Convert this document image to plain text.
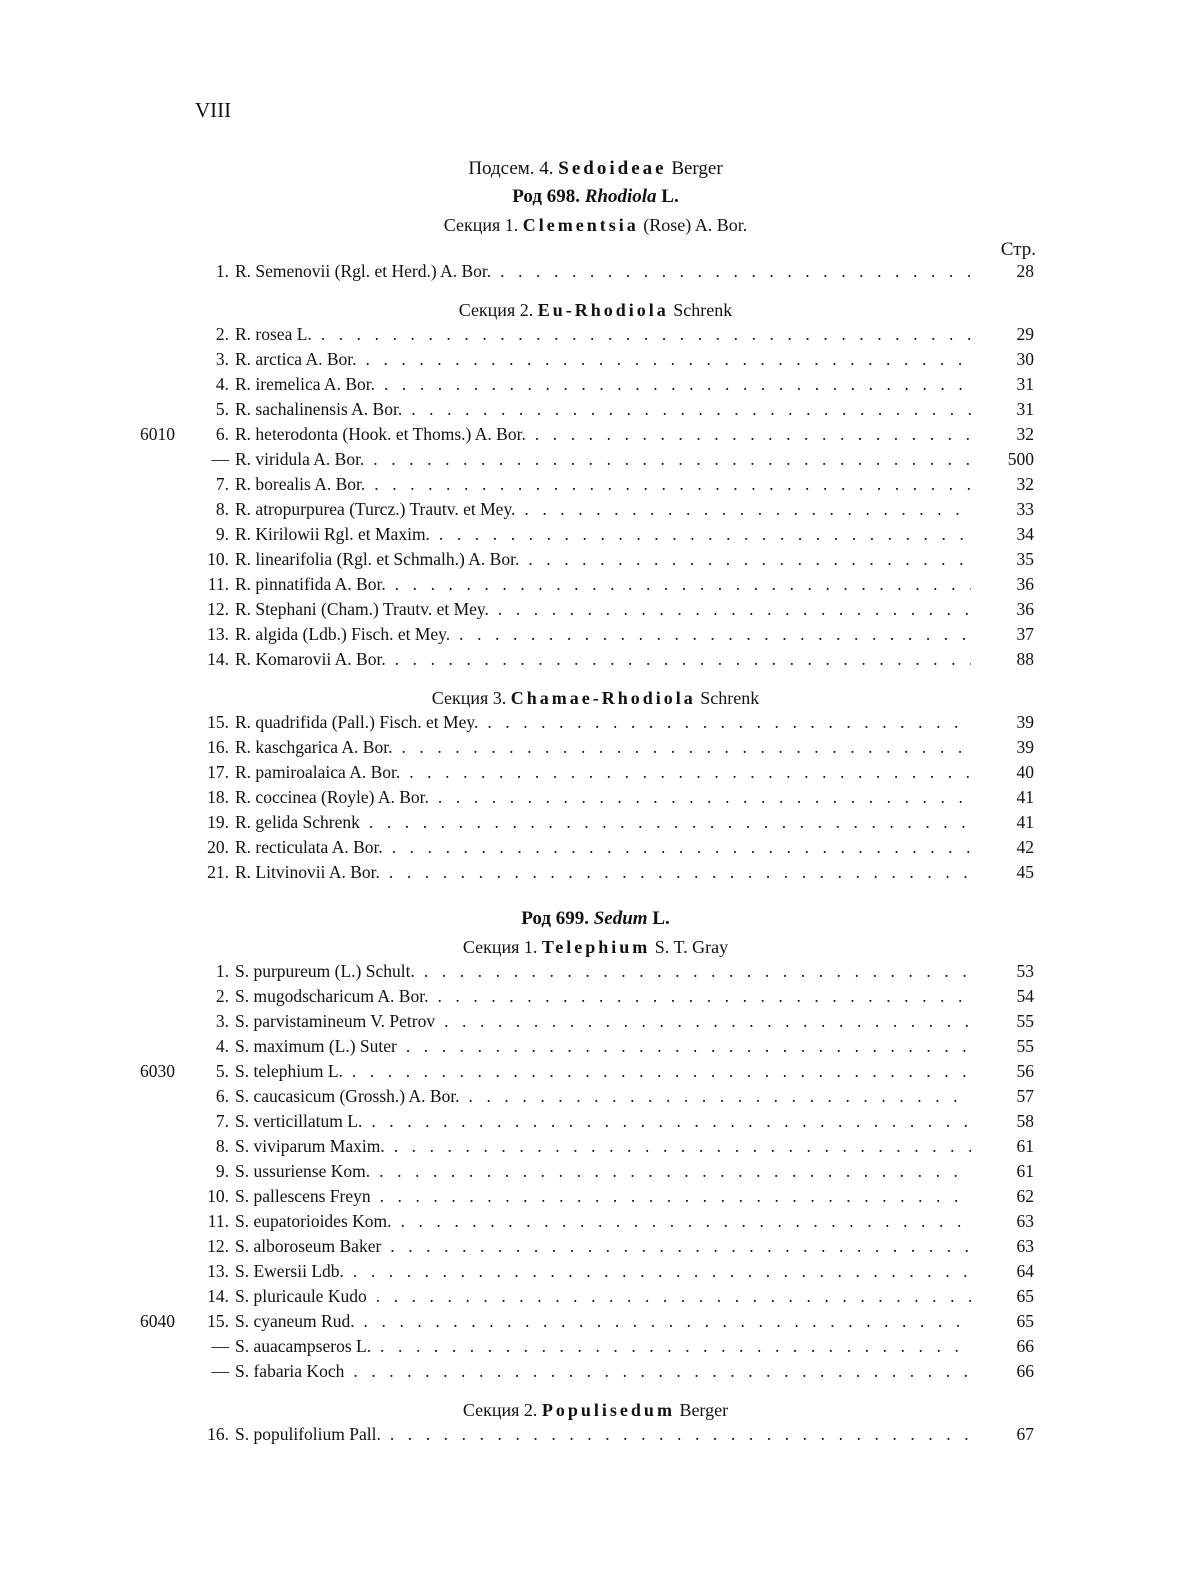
VIII
Подсем. 4. Sedoideae Berger
Род 698. Rhodiola L.
Секция 1. Clementsia (Rose) A. Bor.
Стр.
1. R. Semenovii (Rgl. et Herd.) A. Bor. . . .	28
Секция 2. Eu-Rhodiola Schrenk
2. R. rosea L. . . .	29
3. R. arctica A. Bor. . . .	30
4. R. iremelica A. Bor. . . .	31
5. R. sachalinensis A. Bor. . . .	31
6010	6. R. heterodonta (Hook. et Thoms.) A. Bor. . . .	32
— R. viridula A. Bor. . . .	500
7. R. borealis A. Bor. . . .	32
8. R. atropurpurea (Turcz.) Trautv. et Mey. . . .	33
9. R. Kirilowii Rgl. et Maxim. . . .	34
10. R. linearifolia (Rgl. et Schmalh.) A. Bor. . . .	35
11. R. pinnatifida A. Bor. . . .	36
12. R. Stephani (Cham.) Trautv. et Mey. . . .	36
13. R. algida (Ldb.) Fisch. et Mey. . . .	37
14. R. Komarovii A. Bor. . . .	88
Секция 3. Chamae-Rhodiola Schrenk
15. R. quadrifida (Pall.) Fisch. et Mey. . . .	39
16. R. kaschgarica A. Bor. . . .	39
17. R. pamiroalaica A. Bor. . . .	40
18. R. coccinea (Royle) A. Bor. . . .	41
19. R. gelida Schrenk . . .	41
20. R. recticulata A. Bor. . . .	42
21. R. Litvinovii A. Bor. . . .	45
Род 699. Sedum L.
Секция 1. Telephium S. T. Gray
1. S. purpureum (L.) Schult. . . .	53
2. S. mugodscharicum A. Bor. . . .	54
3. S. parvistamineum V. Petrov . . .	55
4. S. maximum (L.) Suter . . .	55
6030	5. S. telephium L. . . .	56
6. S. caucasicum (Grossh.) A. Bor. . . .	57
7. S. verticillatum L. . . .	58
8. S. viviparum Maxim. . . .	61
9. S. ussuriense Kom. . . .	61
10. S. pallescens Freyn . . .	62
11. S. eupatorioides Kom. . . .	63
12. S. alboroseum Baker . . .	63
13. S. Ewersii Ldb. . . .	64
14. S. pluricaule Kudo . . .	65
6040	15. S. cyaneum Rud. . . .	65
— S. auacampseros L. . . .	66
— S. fabaria Koch . . .	66
Секция 2. Populisedum Berger
16. S. populifolium Pall. . . .	67
